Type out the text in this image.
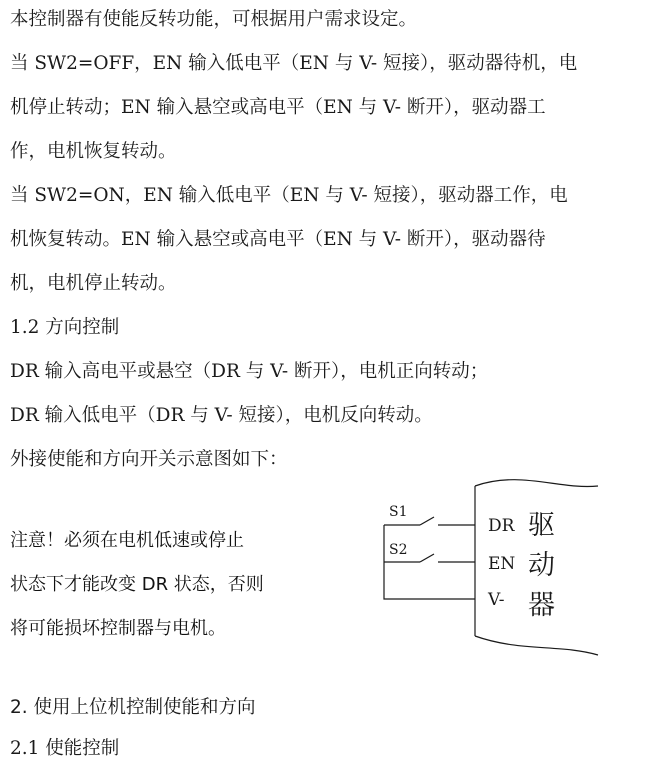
本控制器有使能反转功能，可根据用户需求设定。

当 SW2=OFF，EN 输入低电平（EN 与 V- 短接），驱动器待机，电

机停止转动；EN 输入悬空或高电平（EN 与 V- 断开），驱动器工

作，电机恢复转动。

当 SW2=ON，EN 输入低电平（EN 与 V- 短接），驱动器工作，电

机恢复转动。EN 输入悬空或高电平（EN 与 V- 断开），驱动器待

机，电机停止转动。

1.2 方向控制

DR 输入高电平或悬空（DR 与 V- 断开），电机正向转动；

DR 输入低电平（DR 与 V- 短接），电机反向转动。

外接使能和方向开关示意图如下：

注意！必须在电机低速或停止

状态下才能改变 DR 状态，否则

将可能损坏控制器与电机。

S1
S2
DR
EN
V-
驱
动
器

2. 使用上位机控制使能和方向

2.1 使能控制
